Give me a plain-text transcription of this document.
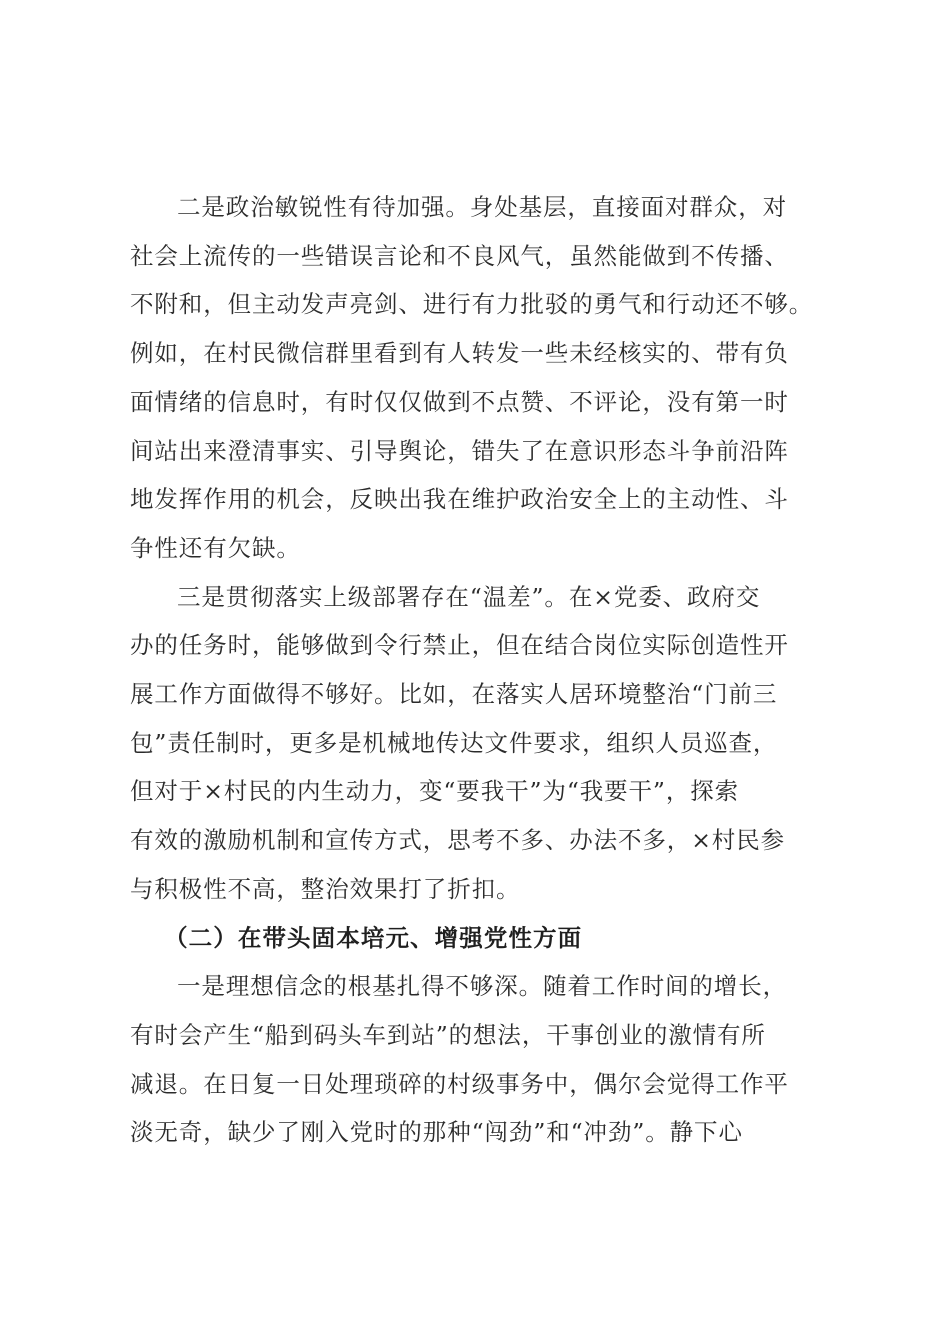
二是政治敏锐性有待加强。身处基层，直接面对群众，对
社会上流传的一些错误言论和不良风气，虽然能做到不传播、
不附和，但主动发声亮剑、进行有力批驳的勇气和行动还不够。
例如，在村民微信群里看到有人转发一些未经核实的、带有负
面情绪的信息时，有时仅仅做到不点赞、不评论，没有第一时
间站出来澄清事实、引导舆论，错失了在意识形态斗争前沿阵
地发挥作用的机会，反映出我在维护政治安全上的主动性、斗
争性还有欠缺。
三是贯彻落实上级部署存在“温差”。在×党委、政府交
办的任务时，能够做到令行禁止，但在结合岗位实际创造性开
展工作方面做得不够好。比如，在落实人居环境整治“门前三
包”责任制时，更多是机械地传达文件要求，组织人员巡查，
但对于×村民的内生动力，变“要我干”为“我要干”，探索
有效的激励机制和宣传方式，思考不多、办法不多，×村民参
与积极性不高，整治效果打了折扣。
（二）在带头固本培元、增强党性方面
一是理想信念的根基扎得不够深。随着工作时间的增长，
有时会产生“船到码头车到站”的想法，干事创业的激情有所
减退。在日复一日处理琐碎的村级事务中，偶尔会觉得工作平
淡无奇，缺少了刚入党时的那种“闯劲”和“冲劲”。静下心
